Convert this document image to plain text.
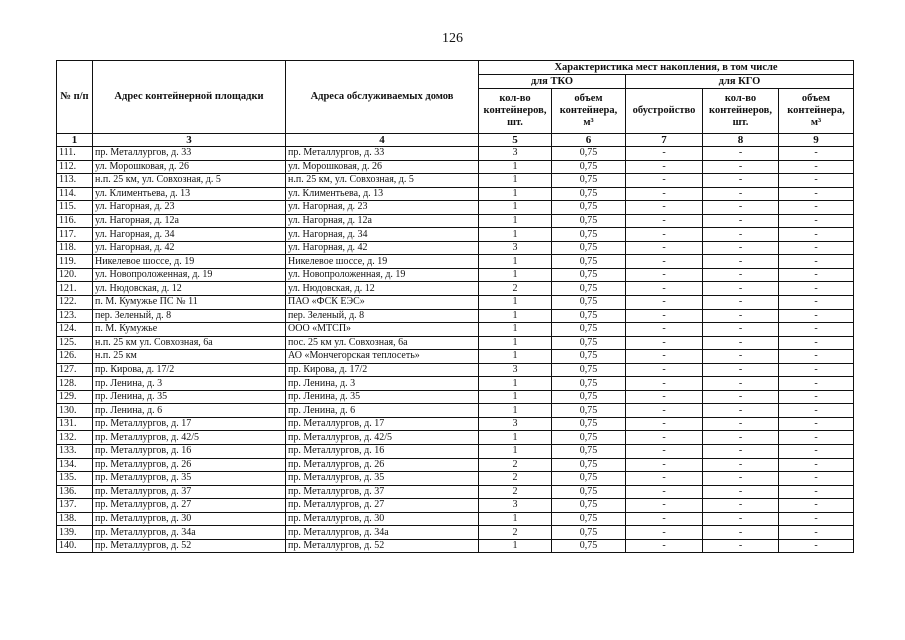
126
№ п/п	Адрес контейнерной площадки	Адреса обслуживаемых домов	Характеристика мест накопления, в том числе				
			для ТКО		для КГО		
			кол-во контейнеров, шт.	объем контейнера, м³	обустройство	кол-во контейнеров, шт.	объем контейнера, м³
1	3	4	5	6	7	8	9
111.	пр. Металлургов, д. 33	пр. Металлургов, д. 33	3	0,75	-	-	-
112.	ул. Морошковая, д. 26	ул. Морошковая, д. 26	1	0,75	-	-	-
113.	н.п. 25 км, ул. Совхозная, д. 5	н.п. 25 км, ул. Совхозная, д. 5	1	0,75	-	-	-
114.	ул. Климентьева, д. 13	ул. Климентьева, д. 13	1	0,75	-	-	-
115.	ул. Нагорная, д. 23	ул. Нагорная, д. 23	1	0,75	-	-	-
116.	ул. Нагорная, д. 12а	ул. Нагорная, д. 12а	1	0,75	-	-	-
117.	ул. Нагорная, д. 34	ул. Нагорная, д. 34	1	0,75	-	-	-
118.	ул. Нагорная, д. 42	ул. Нагорная, д. 42	3	0,75	-	-	-
119.	Никелевое шоссе, д. 19	Никелевое шоссе, д. 19	1	0,75	-	-	-
120.	ул. Новопроложенная, д. 19	ул. Новопроложенная, д. 19	1	0,75	-	-	-
121.	ул. Нюдовская, д. 12	ул. Нюдовская, д. 12	2	0,75	-	-	-
122.	п. М. Кумужье ПС № 11	ПАО «ФСК ЕЭС»	1	0,75	-	-	-
123.	пер. Зеленый, д. 8	пер. Зеленый, д. 8	1	0,75	-	-	-
124.	п. М. Кумужье	ООО «МТСП»	1	0,75	-	-	-
125.	н.п. 25 км ул. Совхозная, 6а	пос. 25 км ул. Совхозная, 6а	1	0,75	-	-	-
126.	н.п. 25 км	АО «Мончегорская теплосеть»	1	0,75	-	-	-
127.	пр. Кирова, д. 17/2	пр. Кирова, д. 17/2	3	0,75	-	-	-
128.	пр. Ленина, д. 3	пр. Ленина, д. 3	1	0,75	-	-	-
129.	пр. Ленина, д. 35	пр. Ленина, д. 35	1	0,75	-	-	-
130.	пр. Ленина, д. 6	пр. Ленина, д. 6	1	0,75	-	-	-
131.	пр. Металлургов, д. 17	пр. Металлургов, д. 17	3	0,75	-	-	-
132.	пр. Металлургов, д. 42/5	пр. Металлургов, д. 42/5	1	0,75	-	-	-
133.	пр. Металлургов, д. 16	пр. Металлургов, д. 16	1	0,75	-	-	-
134.	пр. Металлургов, д. 26	пр. Металлургов, д. 26	2	0,75	-	-	-
135.	пр. Металлургов, д. 35	пр. Металлургов, д. 35	2	0,75	-	-	-
136.	пр. Металлургов, д. 37	пр. Металлургов, д. 37	2	0,75	-	-	-
137.	пр. Металлургов, д. 27	пр. Металлургов, д. 27	3	0,75	-	-	-
138.	пр. Металлургов, д. 30	пр. Металлургов, д. 30	1	0,75	-	-	-
139.	пр. Металлургов, д. 34а	пр. Металлургов, д. 34а	2	0,75	-	-	-
140.	пр. Металлургов, д. 52	пр. Металлургов, д. 52	1	0,75	-	-	-
